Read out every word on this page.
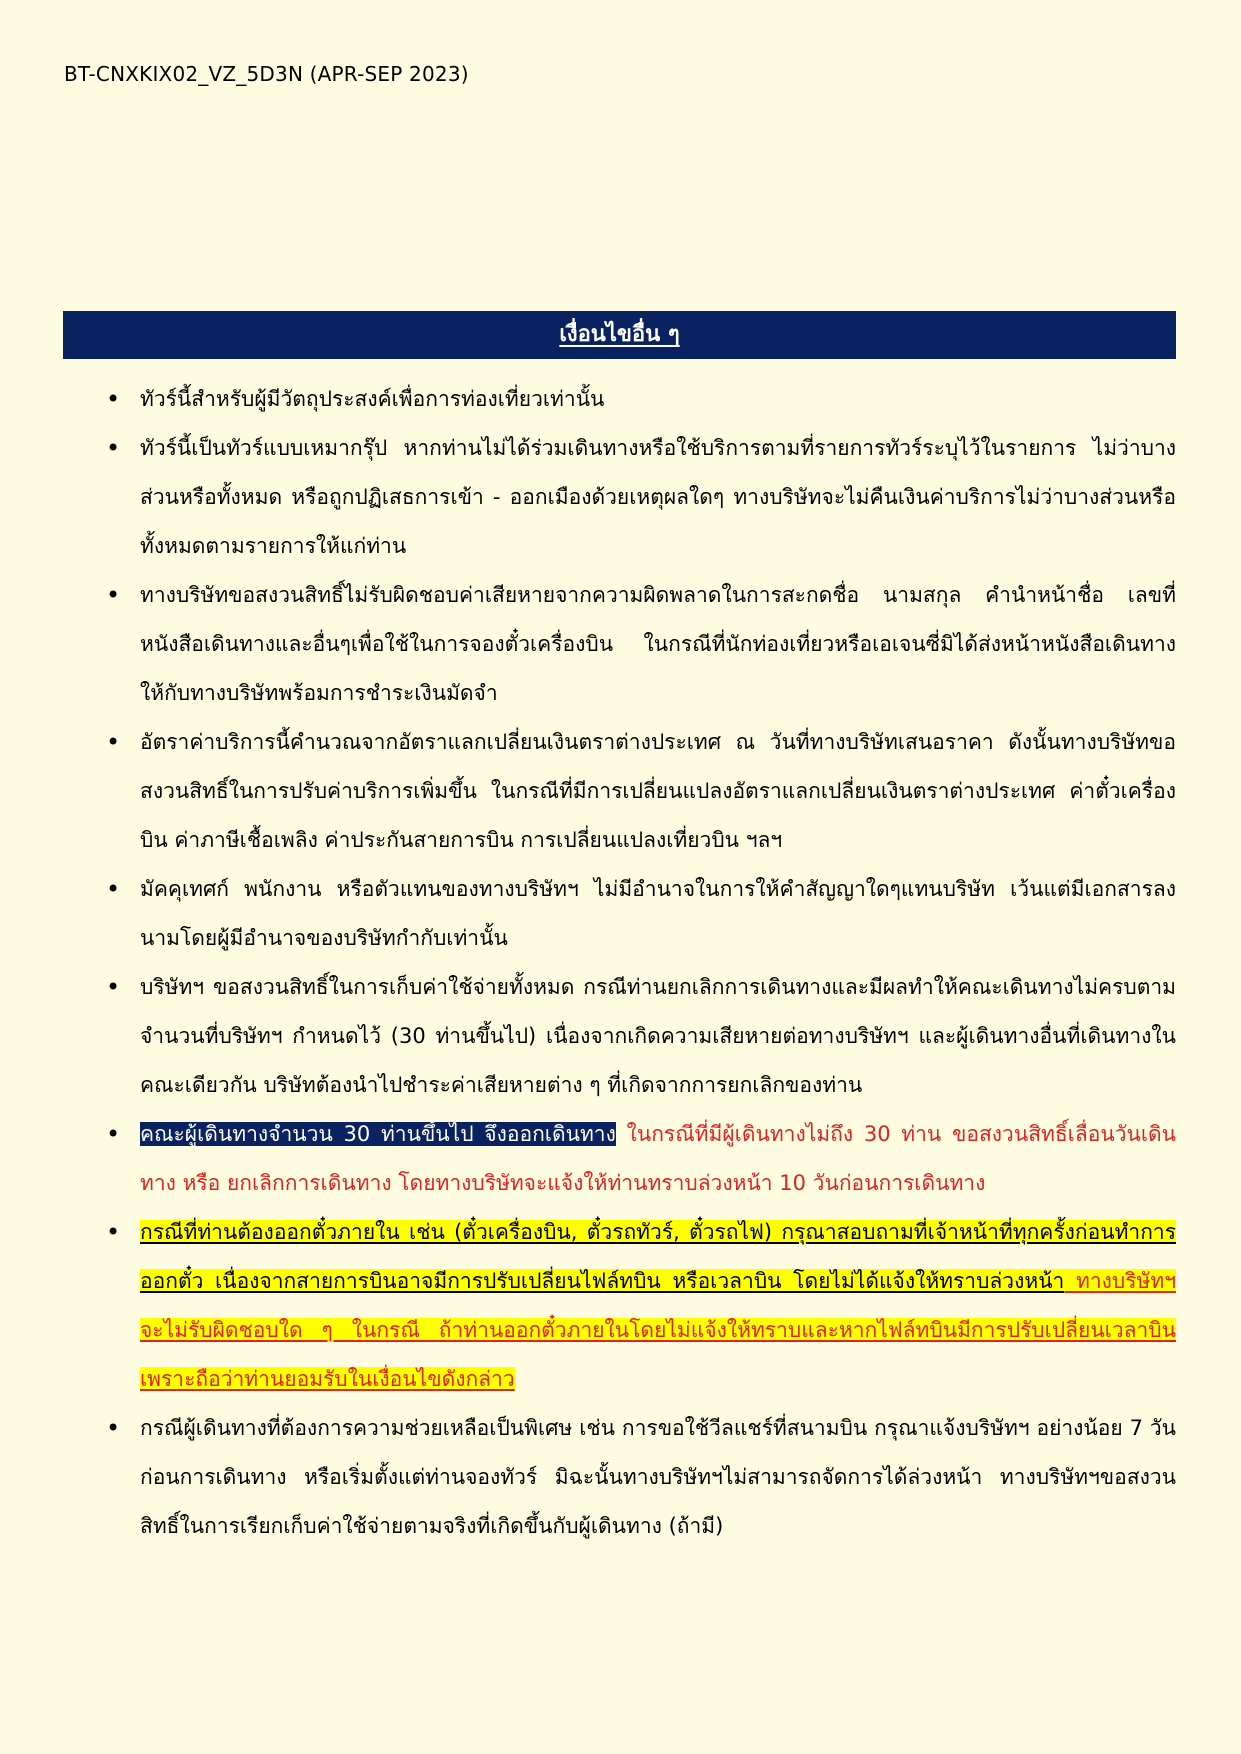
BT-CNXKIX02_VZ_5D3N (APR-SEP 2023)
เงื่อนไขอื่น ๆ
• ทัวร์นี้สำหรับผู้มีวัตถุประสงค์เพื่อการท่องเที่ยวเท่านั้น
• ทัวร์นี้เป็นทัวร์แบบเหมากรุ๊ป หากท่านไม่ได้ร่วมเดินทางหรือใช้บริการตามที่รายการทัวร์ระบุไว้ในรายการ ไม่ว่าบางส่วนหรือทั้งหมด หรือถูกปฏิเสธการเข้า - ออกเมืองด้วยเหตุผลใดๆ ทางบริษัทจะไม่คืนเงินค่าบริการไม่ว่าบางส่วนหรือทั้งหมดตามรายการให้แก่ท่าน
• ทางบริษัทขอสงวนสิทธิ์ไม่รับผิดชอบค่าเสียหายจากความผิดพลาดในการสะกดชื่อ นามสกุล คำนำหน้าชื่อ เลขที่หนังสือเดินทางและอื่นๆเพื่อใช้ในการจองตั๋วเครื่องบิน ในกรณีที่นักท่องเที่ยวหรือเอเจนซี่มิได้ส่งหน้าหนังสือเดินทางให้กับทางบริษัทพร้อมการชำระเงินมัดจำ
• อัตราค่าบริการนี้คำนวณจากอัตราแลกเปลี่ยนเงินตราต่างประเทศ ณ วันที่ทางบริษัทเสนอราคา ดังนั้นทางบริษัทขอสงวนสิทธิ์ในการปรับค่าบริการเพิ่มขึ้น ในกรณีที่มีการเปลี่ยนแปลงอัตราแลกเปลี่ยนเงินตราต่างประเทศ ค่าตั๋วเครื่องบิน ค่าภาษีเชื้อเพลิง ค่าประกันสายการบิน การเปลี่ยนแปลงเที่ยวบิน ฯลฯ
• มัคคุเทศก์ พนักงาน หรือตัวแทนของทางบริษัทฯ ไม่มีอำนาจในการให้คำสัญญาใดๆแทนบริษัท เว้นแต่มีเอกสารลงนามโดยผู้มีอำนาจของบริษัทกำกับเท่านั้น
• บริษัทฯ ขอสงวนสิทธิ์ในการเก็บค่าใช้จ่ายทั้งหมด กรณีท่านยกเลิกการเดินทางและมีผลทำให้คณะเดินทางไม่ครบตามจำนวนที่บริษัทฯ กำหนดไว้ (30 ท่านขึ้นไป) เนื่องจากเกิดความเสียหายต่อทางบริษัทฯ และผู้เดินทางอื่นที่เดินทางในคณะเดียวกัน บริษัทต้องนำไปชำระค่าเสียหายต่าง ๆ ที่เกิดจากการยกเลิกของท่าน
• คณะผู้เดินทางจำนวน 30 ท่านขึ้นไป จึงออกเดินทาง ในกรณีที่มีผู้เดินทางไม่ถึง 30 ท่าน ขอสงวนสิทธิ์เลื่อนวันเดินทาง หรือ ยกเลิกการเดินทาง โดยทางบริษัทจะแจ้งให้ท่านทราบล่วงหน้า 10 วันก่อนการเดินทาง
• กรณีที่ท่านต้องออกตั๋วภายใน เช่น (ตั๋วเครื่องบิน, ตั๋วรถทัวร์, ตั๋วรถไฟ) กรุณาสอบถามที่เจ้าหน้าที่ทุกครั้งก่อนทำการออกตั๋ว เนื่องจากสายการบินอาจมีการปรับเปลี่ยนไฟล์ทบิน หรือเวลาบิน โดยไม่ได้แจ้งให้ทราบล่วงหน้า ทางบริษัทฯ จะไม่รับผิดชอบใด ๆ ในกรณี ถ้าท่านออกตั๋วภายในโดยไม่แจ้งให้ทราบและหากไฟล์ทบินมีการปรับเปลี่ยนเวลาบินเพราะถือว่าท่านยอมรับในเงื่อนไขดังกล่าว
• กรณีผู้เดินทางที่ต้องการความช่วยเหลือเป็นพิเศษ เช่น การขอใช้วีลแชร์ที่สนามบิน กรุณาแจ้งบริษัทฯ อย่างน้อย 7 วันก่อนการเดินทาง หรือเริ่มตั้งแต่ท่านจองทัวร์ มิฉะนั้นทางบริษัทฯไม่สามารถจัดการได้ล่วงหน้า ทางบริษัทฯขอสงวนสิทธิ์ในการเรียกเก็บค่าใช้จ่ายตามจริงที่เกิดขึ้นกับผู้เดินทาง (ถ้ามี)
